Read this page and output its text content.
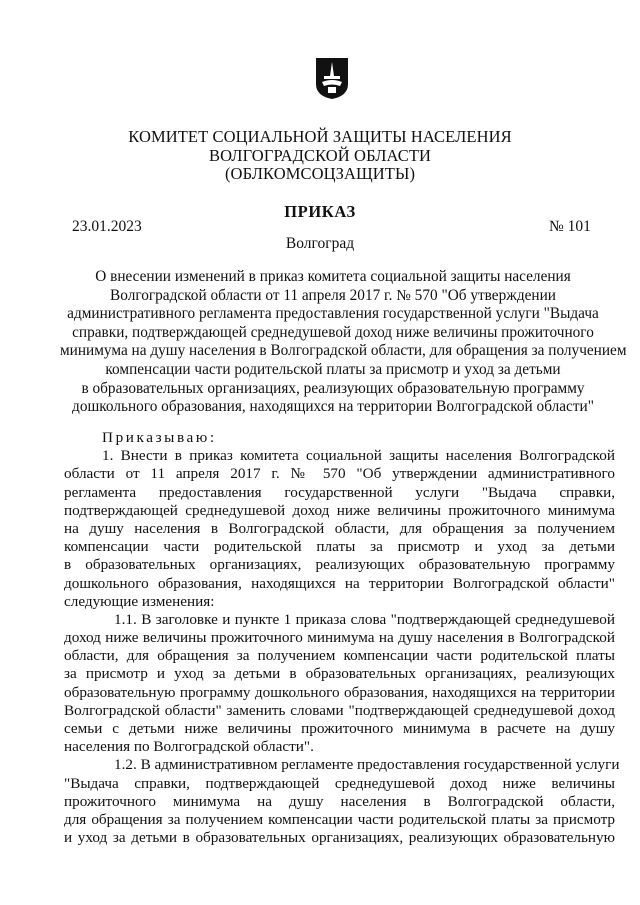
КОМИТЕТ СОЦИАЛЬНОЙ ЗАЩИТЫ НАСЕЛЕНИЯ
ВОЛГОГРАДСКОЙ ОБЛАСТИ
(ОБЛКОМСОЦЗАЩИТЫ)
ПРИКАЗ
23.01.2023	№ 101
Волгоград
О внесении изменений в приказ комитета социальной защиты населения
Волгоградской области от 11 апреля 2017 г. № 570 "Об утверждении
административного регламента предоставления государственной услуги "Выдача
справки, подтверждающей среднедушевой доход ниже величины прожиточного
минимума на душу населения в Волгоградской области, для обращения за получением
компенсации части родительской платы за присмотр и уход за детьми
в образовательных организациях, реализующих образовательную программу
дошкольного образования, находящихся на территории Волгоградской области"
Приказываю:
1. Внести в приказ комитета социальной защиты населения Волгоградской
области от 11 апреля 2017 г. № 570 "Об утверждении административного
регламента предоставления государственной услуги "Выдача справки,
подтверждающей среднедушевой доход ниже величины прожиточного минимума
на душу населения в Волгоградской области, для обращения за получением
компенсации части родительской платы за присмотр и уход за детьми
в образовательных организациях, реализующих образовательную программу
дошкольного образования, находящихся на территории Волгоградской области"
следующие изменения:
1.1. В заголовке и пункте 1 приказа слова "подтверждающей среднедушевой
доход ниже величины прожиточного минимума на душу населения в Волгоградской
области, для обращения за получением компенсации части родительской платы
за присмотр и уход за детьми в образовательных организациях, реализующих
образовательную программу дошкольного образования, находящихся на территории
Волгоградской области" заменить словами "подтверждающей среднедушевой доход
семьи с детьми ниже величины прожиточного минимума в расчете на душу
населения по Волгоградской области".
1.2. В административном регламенте предоставления государственной услуги
"Выдача справки, подтверждающей среднедушевой доход ниже величины
прожиточного минимума на душу населения в Волгоградской области,
для обращения за получением компенсации части родительской платы за присмотр
и уход за детьми в образовательных организациях, реализующих образовательную
